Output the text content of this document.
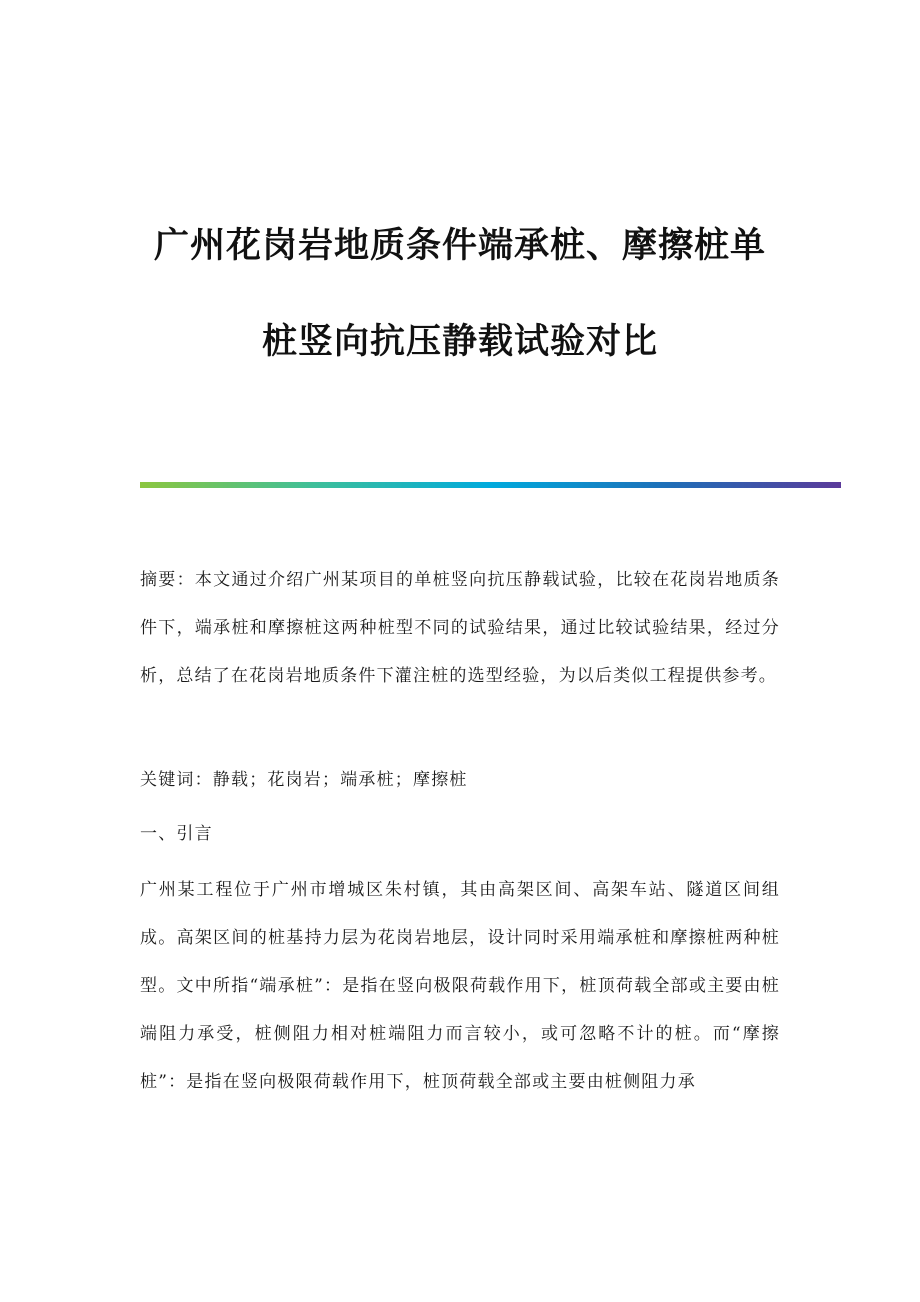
广州花岗岩地质条件端承桩、摩擦桩单
桩竖向抗压静载试验对比

摘要：本文通过介绍广州某项目的单桩竖向抗压静载试验，比较在花岗岩地质条件下，端承桩和摩擦桩这两种桩型不同的试验结果，通过比较试验结果，经过分析，总结了在花岗岩地质条件下灌注桩的选型经验，为以后类似工程提供参考。

关键词：静载；花岗岩；端承桩；摩擦桩

一、引言

广州某工程位于广州市增城区朱村镇，其由高架区间、高架车站、隧道区间组成。高架区间的桩基持力层为花岗岩地层，设计同时采用端承桩和摩擦桩两种桩型。文中所指“端承桩”：是指在竖向极限荷载作用下，桩顶荷载全部或主要由桩端阻力承受，桩侧阻力相对桩端阻力而言较小，或可忽略不计的桩。而“摩擦桩”：是指在竖向极限荷载作用下，桩顶荷载全部或主要由桩侧阻力承
